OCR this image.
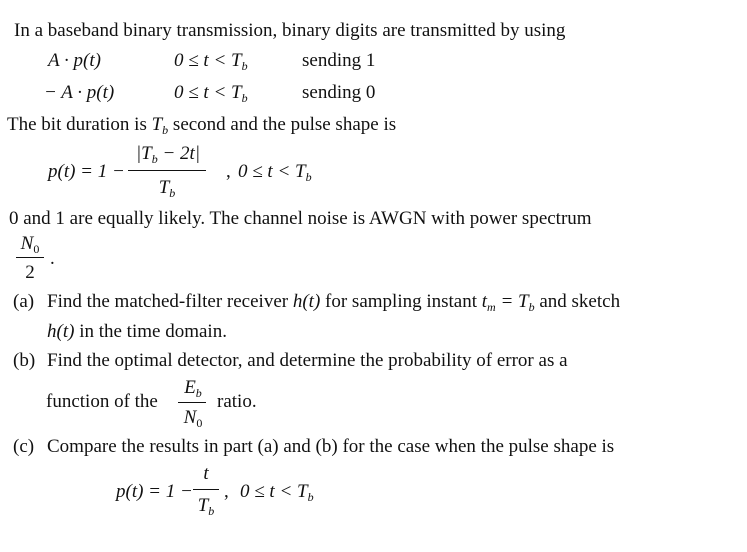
In a baseband binary transmission, binary digits are transmitted by using
A · p(t)	$0 \le t < T_b$	sending 1
− A · p(t)	$0 \le t < T_b$	sending 0
The bit duration is $T_b$ second and the pulse shape is
p(t) = 1 −
$|T_b - 2t|$
$T_b$
, $0 \le t < T_b$
0 and 1 are equally likely. The channel noise is AWGN with power spectrum
$N_0$
2
.
(a) Find the matched-filter receiver h(t) for sampling instant $t_m = T_b$ and sketch
h(t) in the time domain.
(b) Find the optimal detector, and determine the probability of error as a
function of the
$E_b$
$N_0$
ratio.
(c) Compare the results in part (a) and (b) for the case when the pulse shape is
p(t) = 1 −
t
$T_b$
, $0 \le t < T_b$
